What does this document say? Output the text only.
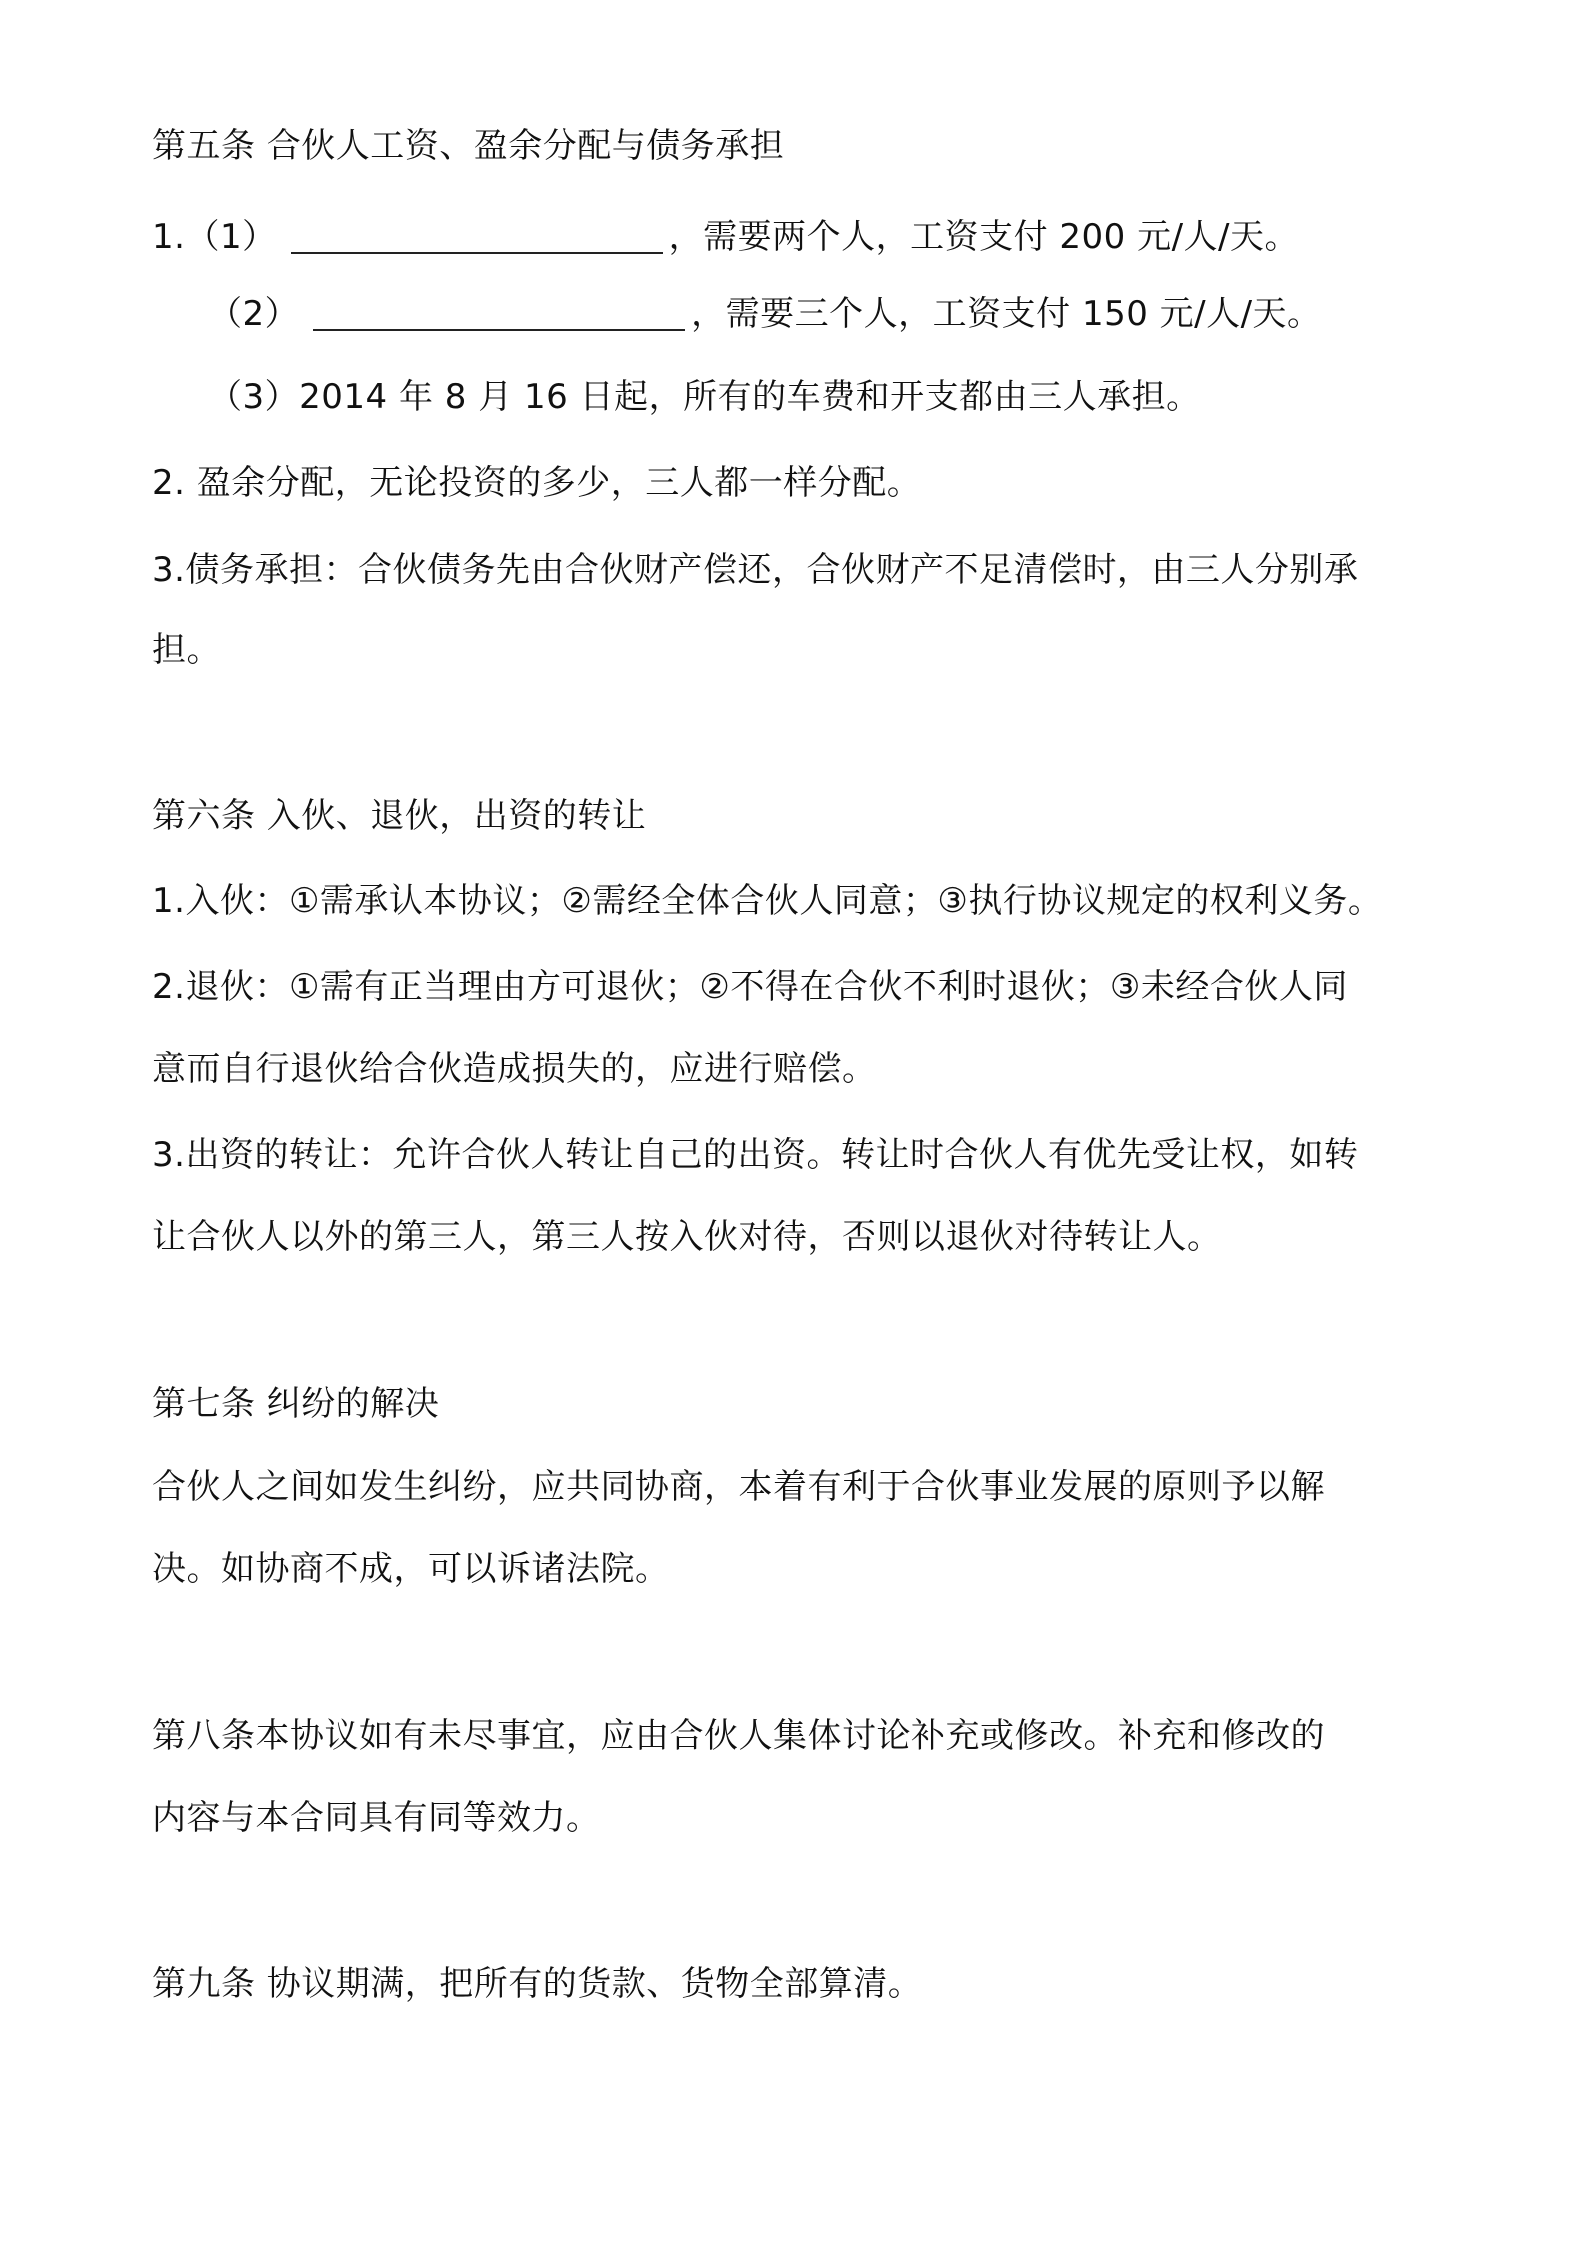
第五条 合伙人工资、盈余分配与债务承担
1.（1）	，需要两个人，工资支付 200 元/人/天。
（2）	，需要三个人，工资支付 150 元/人/天。
（3）2014 年 8 月 16 日起，所有的车费和开支都由三人承担。
2. 盈余分配，无论投资的多少，三人都一样分配。
3.债务承担：合伙债务先由合伙财产偿还，合伙财产不足清偿时，由三人分别承
担。
第六条 入伙、退伙，出资的转让
1.入伙：①需承认本协议；②需经全体合伙人同意；③执行协议规定的权利义务。
2.退伙：①需有正当理由方可退伙；②不得在合伙不利时退伙；③未经合伙人同
意而自行退伙给合伙造成损失的，应进行赔偿。
3.出资的转让：允许合伙人转让自己的出资。转让时合伙人有优先受让权，如转
让合伙人以外的第三人，第三人按入伙对待，否则以退伙对待转让人。
第七条 纠纷的解决
合伙人之间如发生纠纷，应共同协商，本着有利于合伙事业发展的原则予以解
决。如协商不成，可以诉诸法院。
第八条本协议如有未尽事宜，应由合伙人集体讨论补充或修改。补充和修改的
内容与本合同具有同等效力。
第九条 协议期满，把所有的货款、货物全部算清。
